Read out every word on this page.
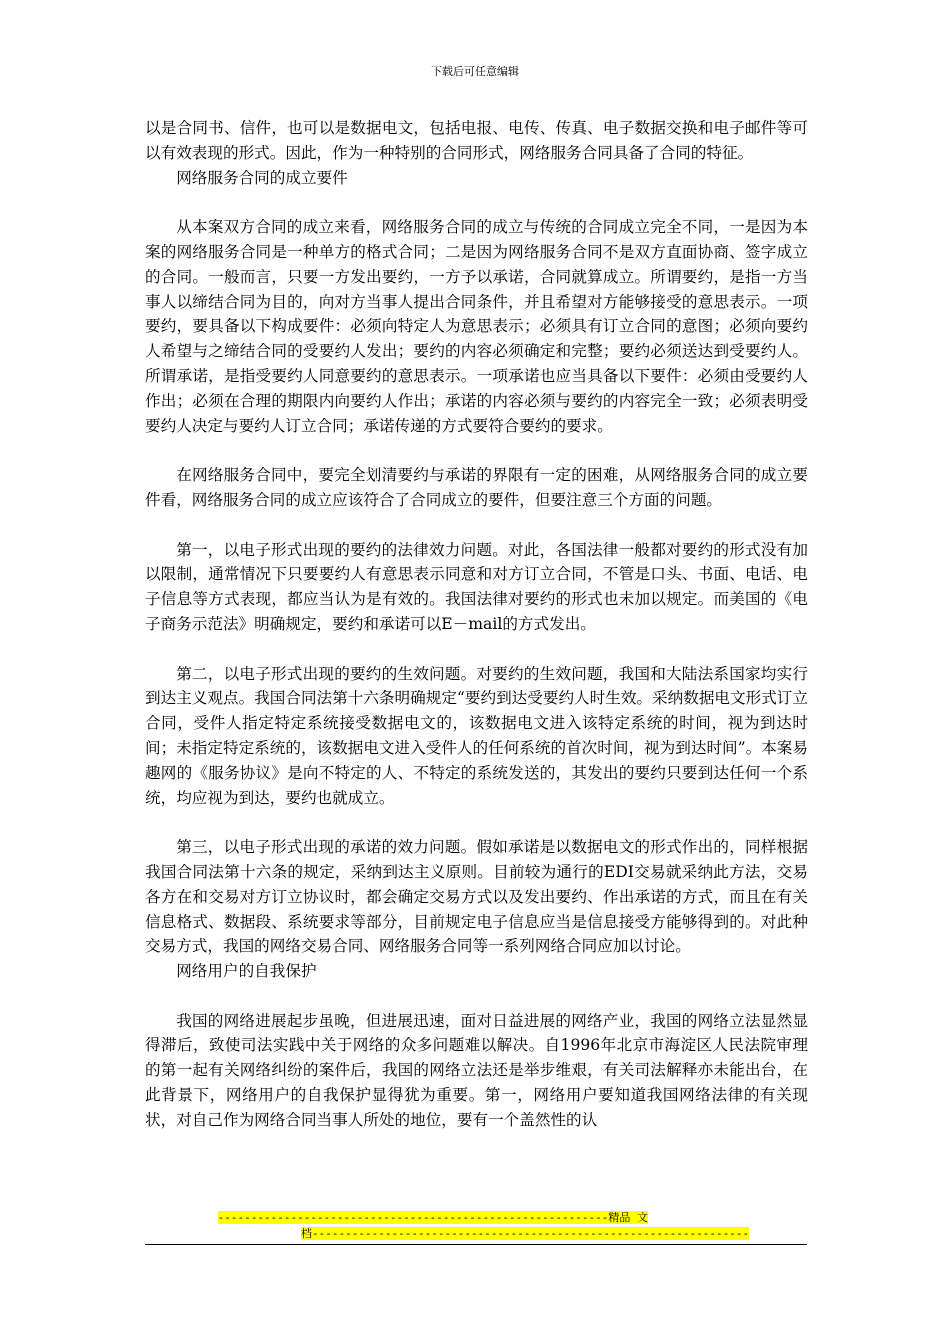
下载后可任意编辑

以是合同书、信件，也可以是数据电文，包括电报、电传、传真、电子数据交换和电子邮件等可以有效表现的形式。因此，作为一种特别的合同形式，网络服务合同具备了合同的特征。

网络服务合同的成立要件

从本案双方合同的成立来看，网络服务合同的成立与传统的合同成立完全不同，一是因为本案的网络服务合同是一种单方的格式合同；二是因为网络服务合同不是双方直面协商、签字成立的合同。一般而言，只要一方发出要约，一方予以承诺，合同就算成立。所谓要约，是指一方当事人以缔结合同为目的，向对方当事人提出合同条件，并且希望对方能够接受的意思表示。一项要约，要具备以下构成要件：必须向特定人为意思表示；必须具有订立合同的意图；必须向要约人希望与之缔结合同的受要约人发出；要约的内容必须确定和完整；要约必须送达到受要约人。所谓承诺，是指受要约人同意要约的意思表示。一项承诺也应当具备以下要件：必须由受要约人作出；必须在合理的期限内向要约人作出；承诺的内容必须与要约的内容完全一致；必须表明受要约人决定与要约人订立合同；承诺传递的方式要符合要约的要求。

在网络服务合同中，要完全划清要约与承诺的界限有一定的困难，从网络服务合同的成立要件看，网络服务合同的成立应该符合了合同成立的要件，但要注意三个方面的问题。

第一，以电子形式出现的要约的法律效力问题。对此，各国法律一般都对要约的形式没有加以限制，通常情况下只要要约人有意思表示同意和对方订立合同，不管是口头、书面、电话、电子信息等方式表现，都应当认为是有效的。我国法律对要约的形式也未加以规定。而美国的《电子商务示范法》明确规定，要约和承诺可以E－mail的方式发出。

第二，以电子形式出现的要约的生效问题。对要约的生效问题，我国和大陆法系国家均实行到达主义观点。我国合同法第十六条明确规定“要约到达受要约人时生效。采纳数据电文形式订立合同，受件人指定特定系统接受数据电文的，该数据电文进入该特定系统的时间，视为到达时间；未指定特定系统的，该数据电文进入受件人的任何系统的首次时间，视为到达时间”。本案易趣网的《服务协议》是向不特定的人、不特定的系统发送的，其发出的要约只要到达任何一个系统，均应视为到达，要约也就成立。

第三，以电子形式出现的承诺的效力问题。假如承诺是以数据电文的形式作出的，同样根据我国合同法第十六条的规定，采纳到达主义原则。目前较为通行的EDI交易就采纳此方法，交易各方在和交易对方订立协议时，都会确定交易方式以及发出要约、作出承诺的方式，而且在有关信息格式、数据段、系统要求等部分，目前规定电子信息应当是信息接受方能够得到的。对此种交易方式，我国的网络交易合同、网络服务合同等一系列网络合同应加以讨论。

网络用户的自我保护

我国的网络进展起步虽晚，但进展迅速，面对日益进展的网络产业，我国的网络立法显然显得滞后，致使司法实践中关于网络的众多问题难以解决。自1996年北京市海淀区人民法院审理的第一起有关网络纠纷的案件后，我国的网络立法还是举步维艰，有关司法解释亦未能出台，在此背景下，网络用户的自我保护显得犹为重要。第一，网络用户要知道我国网络法律的有关现状，对自己作为网络合同当事人所处的地位，要有一个盖然性的认

-----------------------------------------------------------精品 文
档------------------------------------------------------------------
